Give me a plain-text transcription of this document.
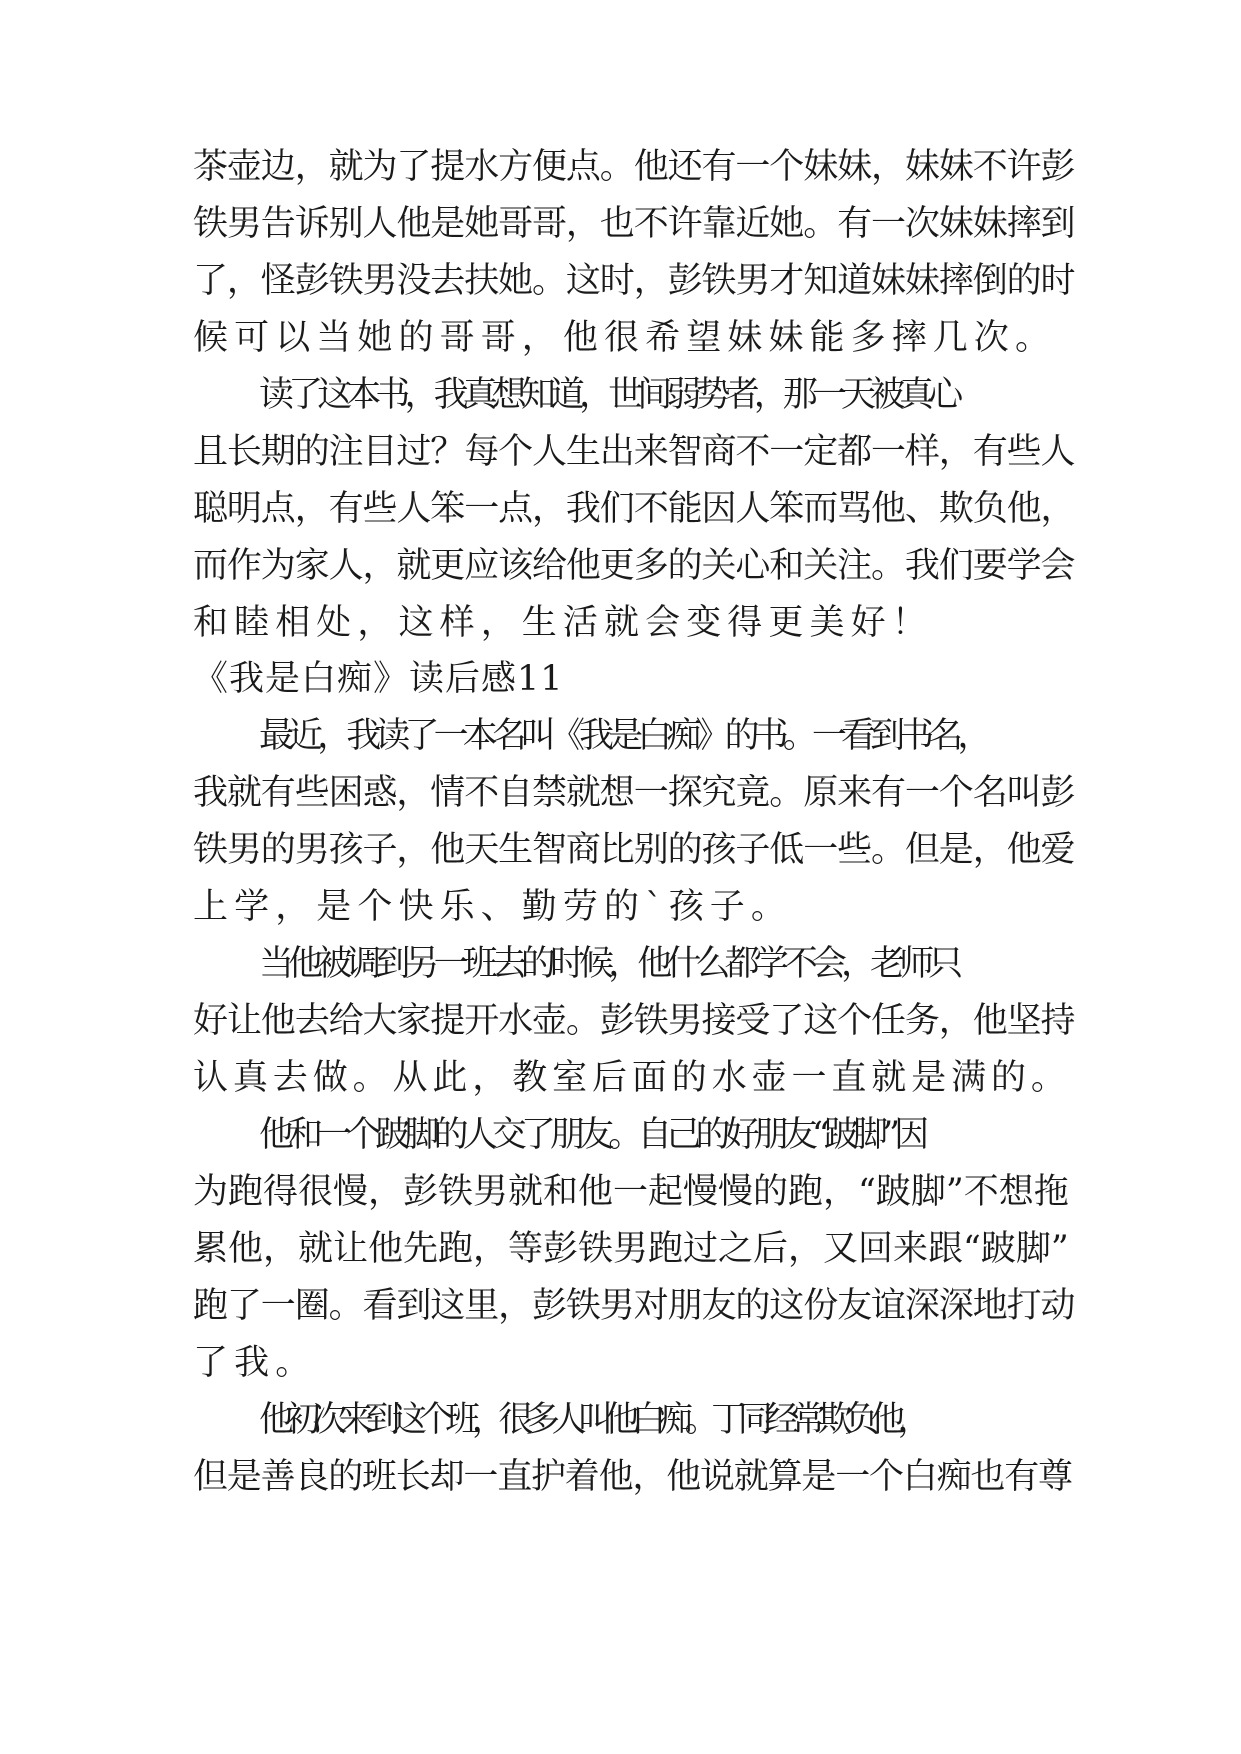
茶壶边，就为了提水方便点。他还有一个妹妹，妹妹不许彭
铁男告诉别人他是她哥哥，也不许靠近她。有一次妹妹摔到
了，怪彭铁男没去扶她。这时，彭铁男才知道妹妹摔倒的时
候可以当她的哥哥，他很希望妹妹能多摔几次。
读了这本书，我真想知道，世间弱势者，那一天被真心
且长期的注目过？每个人生出来智商不一定都一样，有些人
聪明点，有些人笨一点，我们不能因人笨而骂他、欺负他，
而作为家人，就更应该给他更多的关心和关注。我们要学会
和睦相处，这样，生活就会变得更美好！
《我是白痴》读后感11
最近，我读了一本名叫《我是白痴》的书。一看到书名，
我就有些困惑，情不自禁就想一探究竟。原来有一个名叫彭
铁男的男孩子，他天生智商比别的孩子低一些。但是，他爱
上学，是个快乐、勤劳的`孩子。
当他被调到另一班去的时候，他什么都学不会，老师只
好让他去给大家提开水壶。彭铁男接受了这个任务，他坚持
认真去做。从此，教室后面的水壶一直就是满的。
他和一个跛脚的人交了朋友。自己的好朋友“跛脚”因
为跑得很慢，彭铁男就和他一起慢慢的跑，“跛脚”不想拖
累他，就让他先跑，等彭铁男跑过之后，又回来跟“跛脚”
跑了一圈。看到这里，彭铁男对朋友的这份友谊深深地打动
了我。
他初次来到这个班，很多人叫他白痴。丁同经常欺负他，
但是善良的班长却一直护着他，他说就算是一个白痴也有尊
